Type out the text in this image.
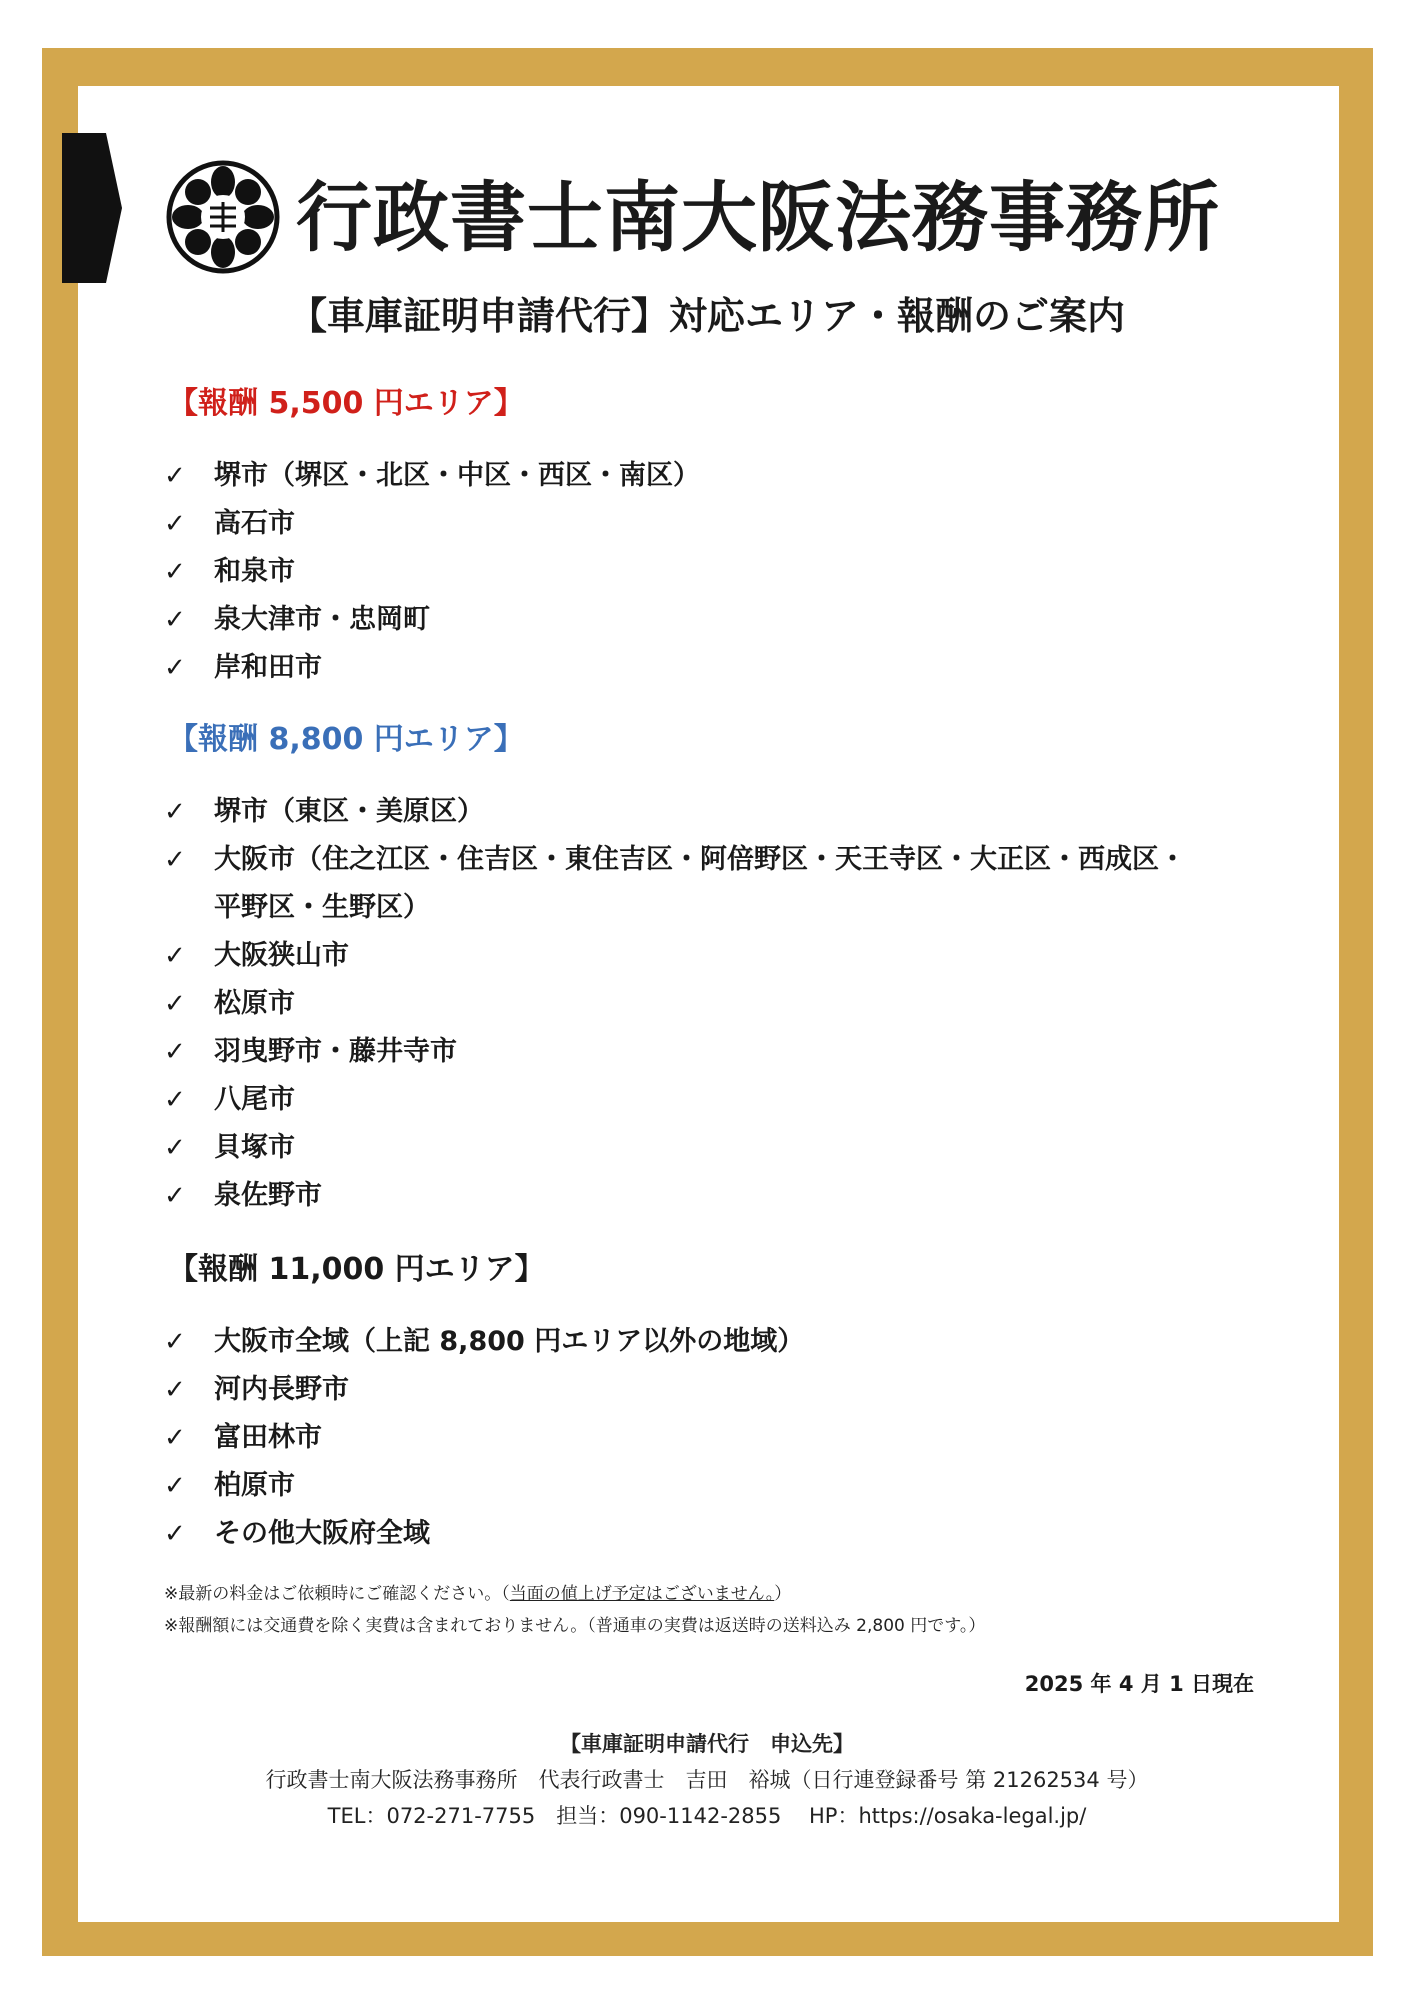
行政書士南大阪法務事務所
【車庫証明申請代行】対応エリア・報酬のご案内
【報酬 5,500 円エリア】
✓ 堺市（堺区・北区・中区・西区・南区）
✓ 高石市
✓ 和泉市
✓ 泉大津市・忠岡町
✓ 岸和田市
【報酬 8,800 円エリア】
✓ 堺市（東区・美原区）
✓ 大阪市（住之江区・住吉区・東住吉区・阿倍野区・天王寺区・大正区・西成区・
平野区・生野区）
✓ 大阪狭山市
✓ 松原市
✓ 羽曳野市・藤井寺市
✓ 八尾市
✓ 貝塚市
✓ 泉佐野市
【報酬 11,000 円エリア】
✓ 大阪市全域（上記 8,800 円エリア以外の地域）
✓ 河内長野市
✓ 富田林市
✓ 柏原市
✓ その他大阪府全域
※最新の料金はご依頼時にご確認ください。（当面の値上げ予定はございません。）
※報酬額には交通費を除く実費は含まれておりません。（普通車の実費は返送時の送料込み 2,800 円です。）
2025 年 4 月 1 日現在
【車庫証明申請代行　申込先】
行政書士南大阪法務事務所　代表行政書士　吉田　裕城（日行連登録番号 第 21262534 号）
TEL：072-271-7755　担当：090-1142-2855　 HP：https://osaka-legal.jp/
